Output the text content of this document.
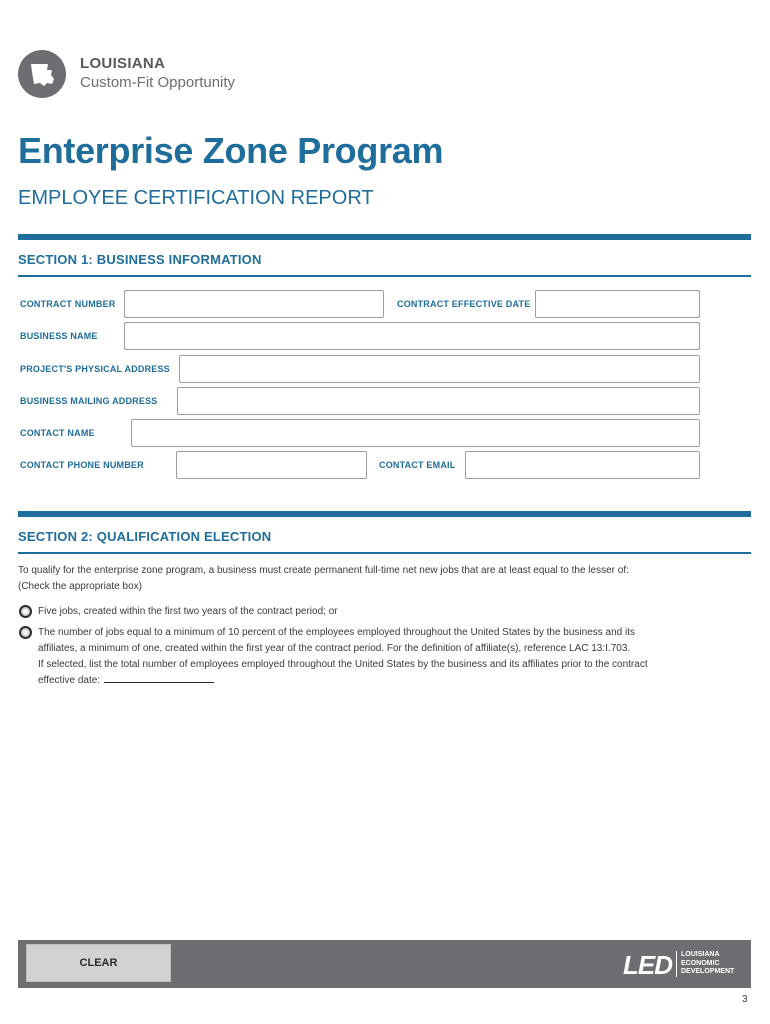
LOUISIANA
Custom-Fit Opportunity
Enterprise Zone Program
EMPLOYEE CERTIFICATION REPORT
SECTION 1: BUSINESS INFORMATION
CONTRACT NUMBER	CONTRACT EFFECTIVE DATE
BUSINESS NAME
PROJECT'S PHYSICAL ADDRESS
BUSINESS MAILING ADDRESS
CONTACT NAME
CONTACT PHONE NUMBER	CONTACT EMAIL
SECTION 2: QUALIFICATION ELECTION
To qualify for the enterprise zone program, a business must create permanent full-time net new jobs that are at least equal to the lesser of:
(Check the appropriate box)
Five jobs, created within the first two years of the contract period; or
The number of jobs equal to a minimum of 10 percent of the employees employed throughout the United States by the business and its
affiliates, a minimum of one, created within the first year of the contract period. For the definition of affiliate(s), reference LAC 13:I.703.
If selected, list the total number of employees employed throughout the United States by the business and its affiliates prior to the contract
effective date:
CLEAR	LED LOUISIANA
ECONOMIC
DEVELOPMENT
3
